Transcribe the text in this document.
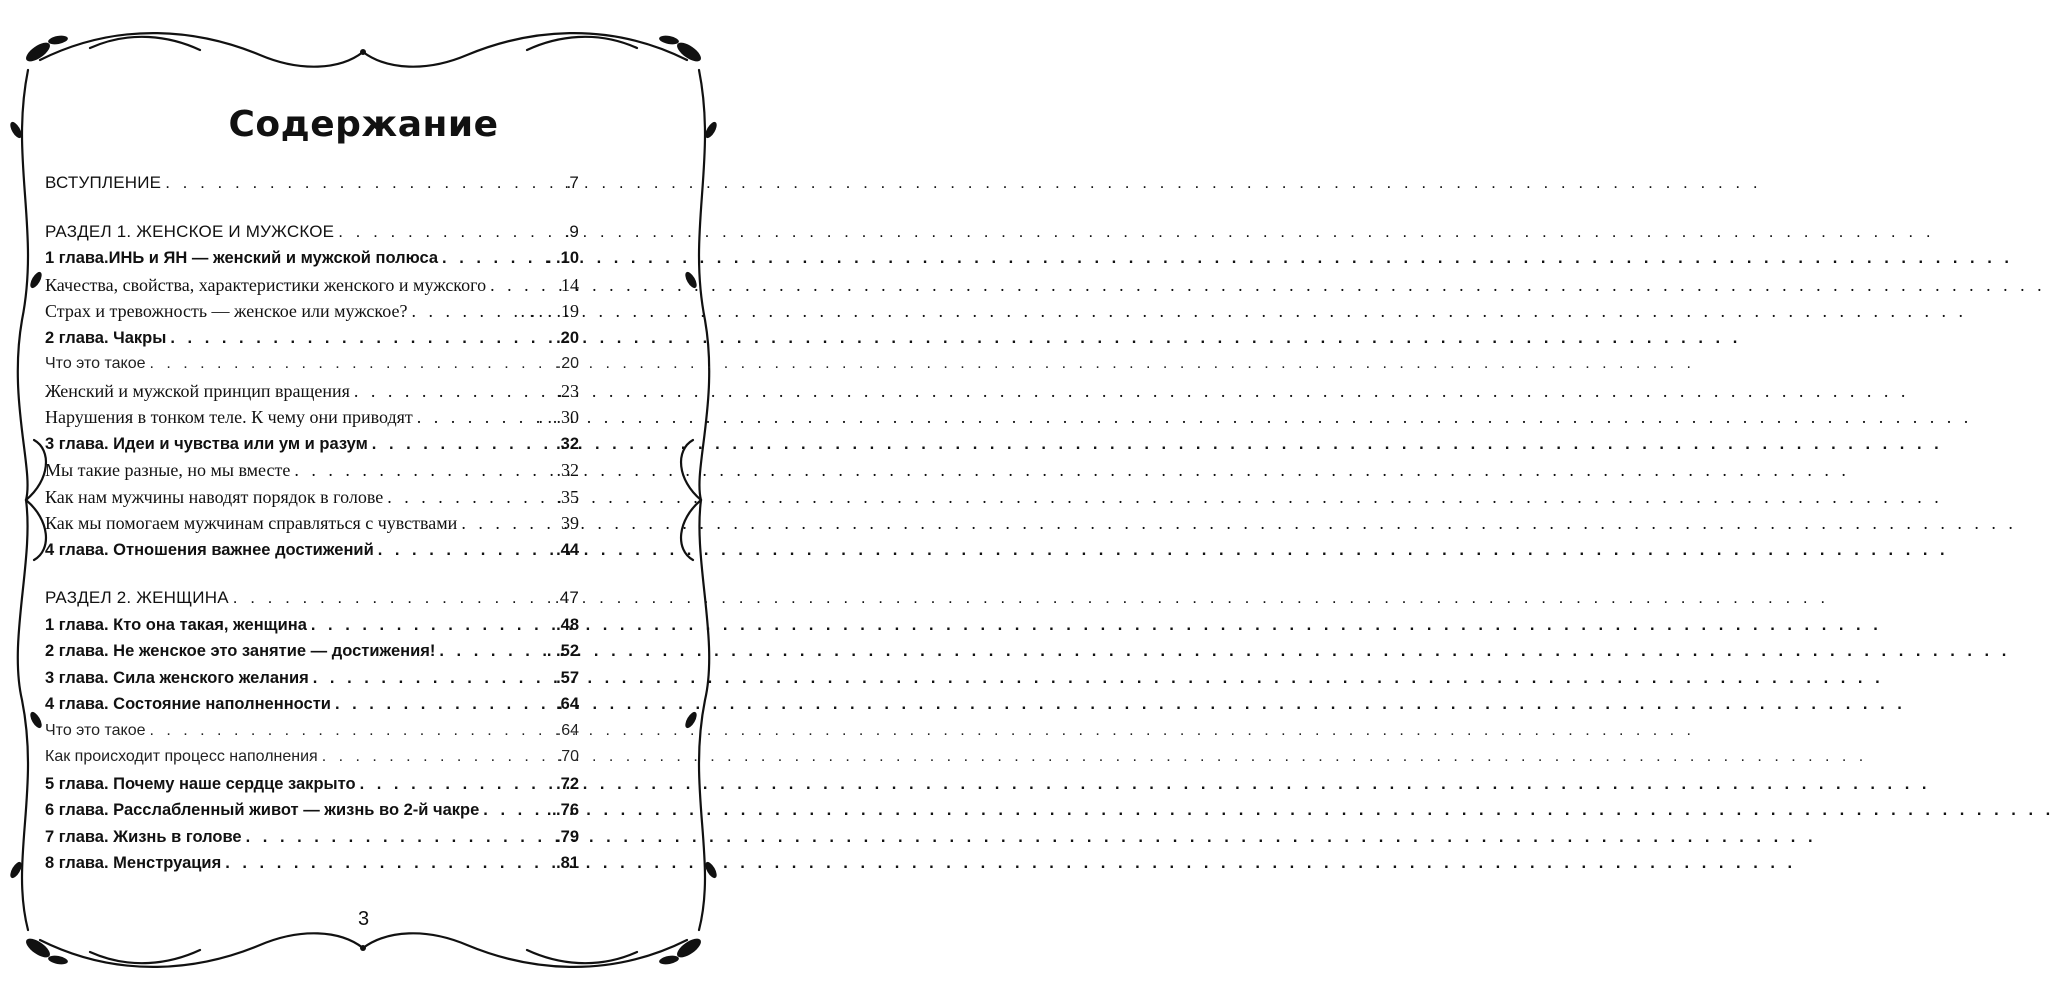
Содержание
ВСТУПЛЕНИЕ . . .	.7
РАЗДЕЛ 1. ЖЕНСКОЕ И МУЖСКОЕ . . .	.9
1 глава. ИНЬ и ЯН — женский и мужской полюса . . .	. .10
Качества, свойства, характеристики женского и мужского . . .	14
Страх и тревожность — женское или мужское? . . .	. . . . .19
2 глава. Чакры . . .	.20
Что это такое . . .	.20
Женский и мужской принцип вращения . . .	.23
Нарушения в тонком теле. К чему они приводят . . .	. . .30
3 глава. Идеи и чувства или ум и разум . . .	.32
Мы такие разные, но мы вместе . . .	.32
Как нам мужчины наводят порядок в голове . . .	.35
Как мы помогаем мужчинам справляться с чувствами . . .	39
4 глава. Отношения важнее достижений . . .	.44
РАЗДЕЛ 2. ЖЕНЩИНА . . .	.47
1 глава. Кто она такая, женщина . . .	.48
2 глава. Не женское это занятие — достижения! . . .	. .52
3 глава. Сила женского желания . . .	.57
4 глава. Состояние наполненности . . .	.64
Что это такое . . .	.64
Как происходит процесс наполнения . . .	.70
5 глава. Почему наше сердце закрыто . . .	.72
6 глава. Расслабленный живот — жизнь во 2-й чакре . . .	. .76
7 глава. Жизнь в голове . . .	.79
8 глава. Менструация . . .	.81
3
